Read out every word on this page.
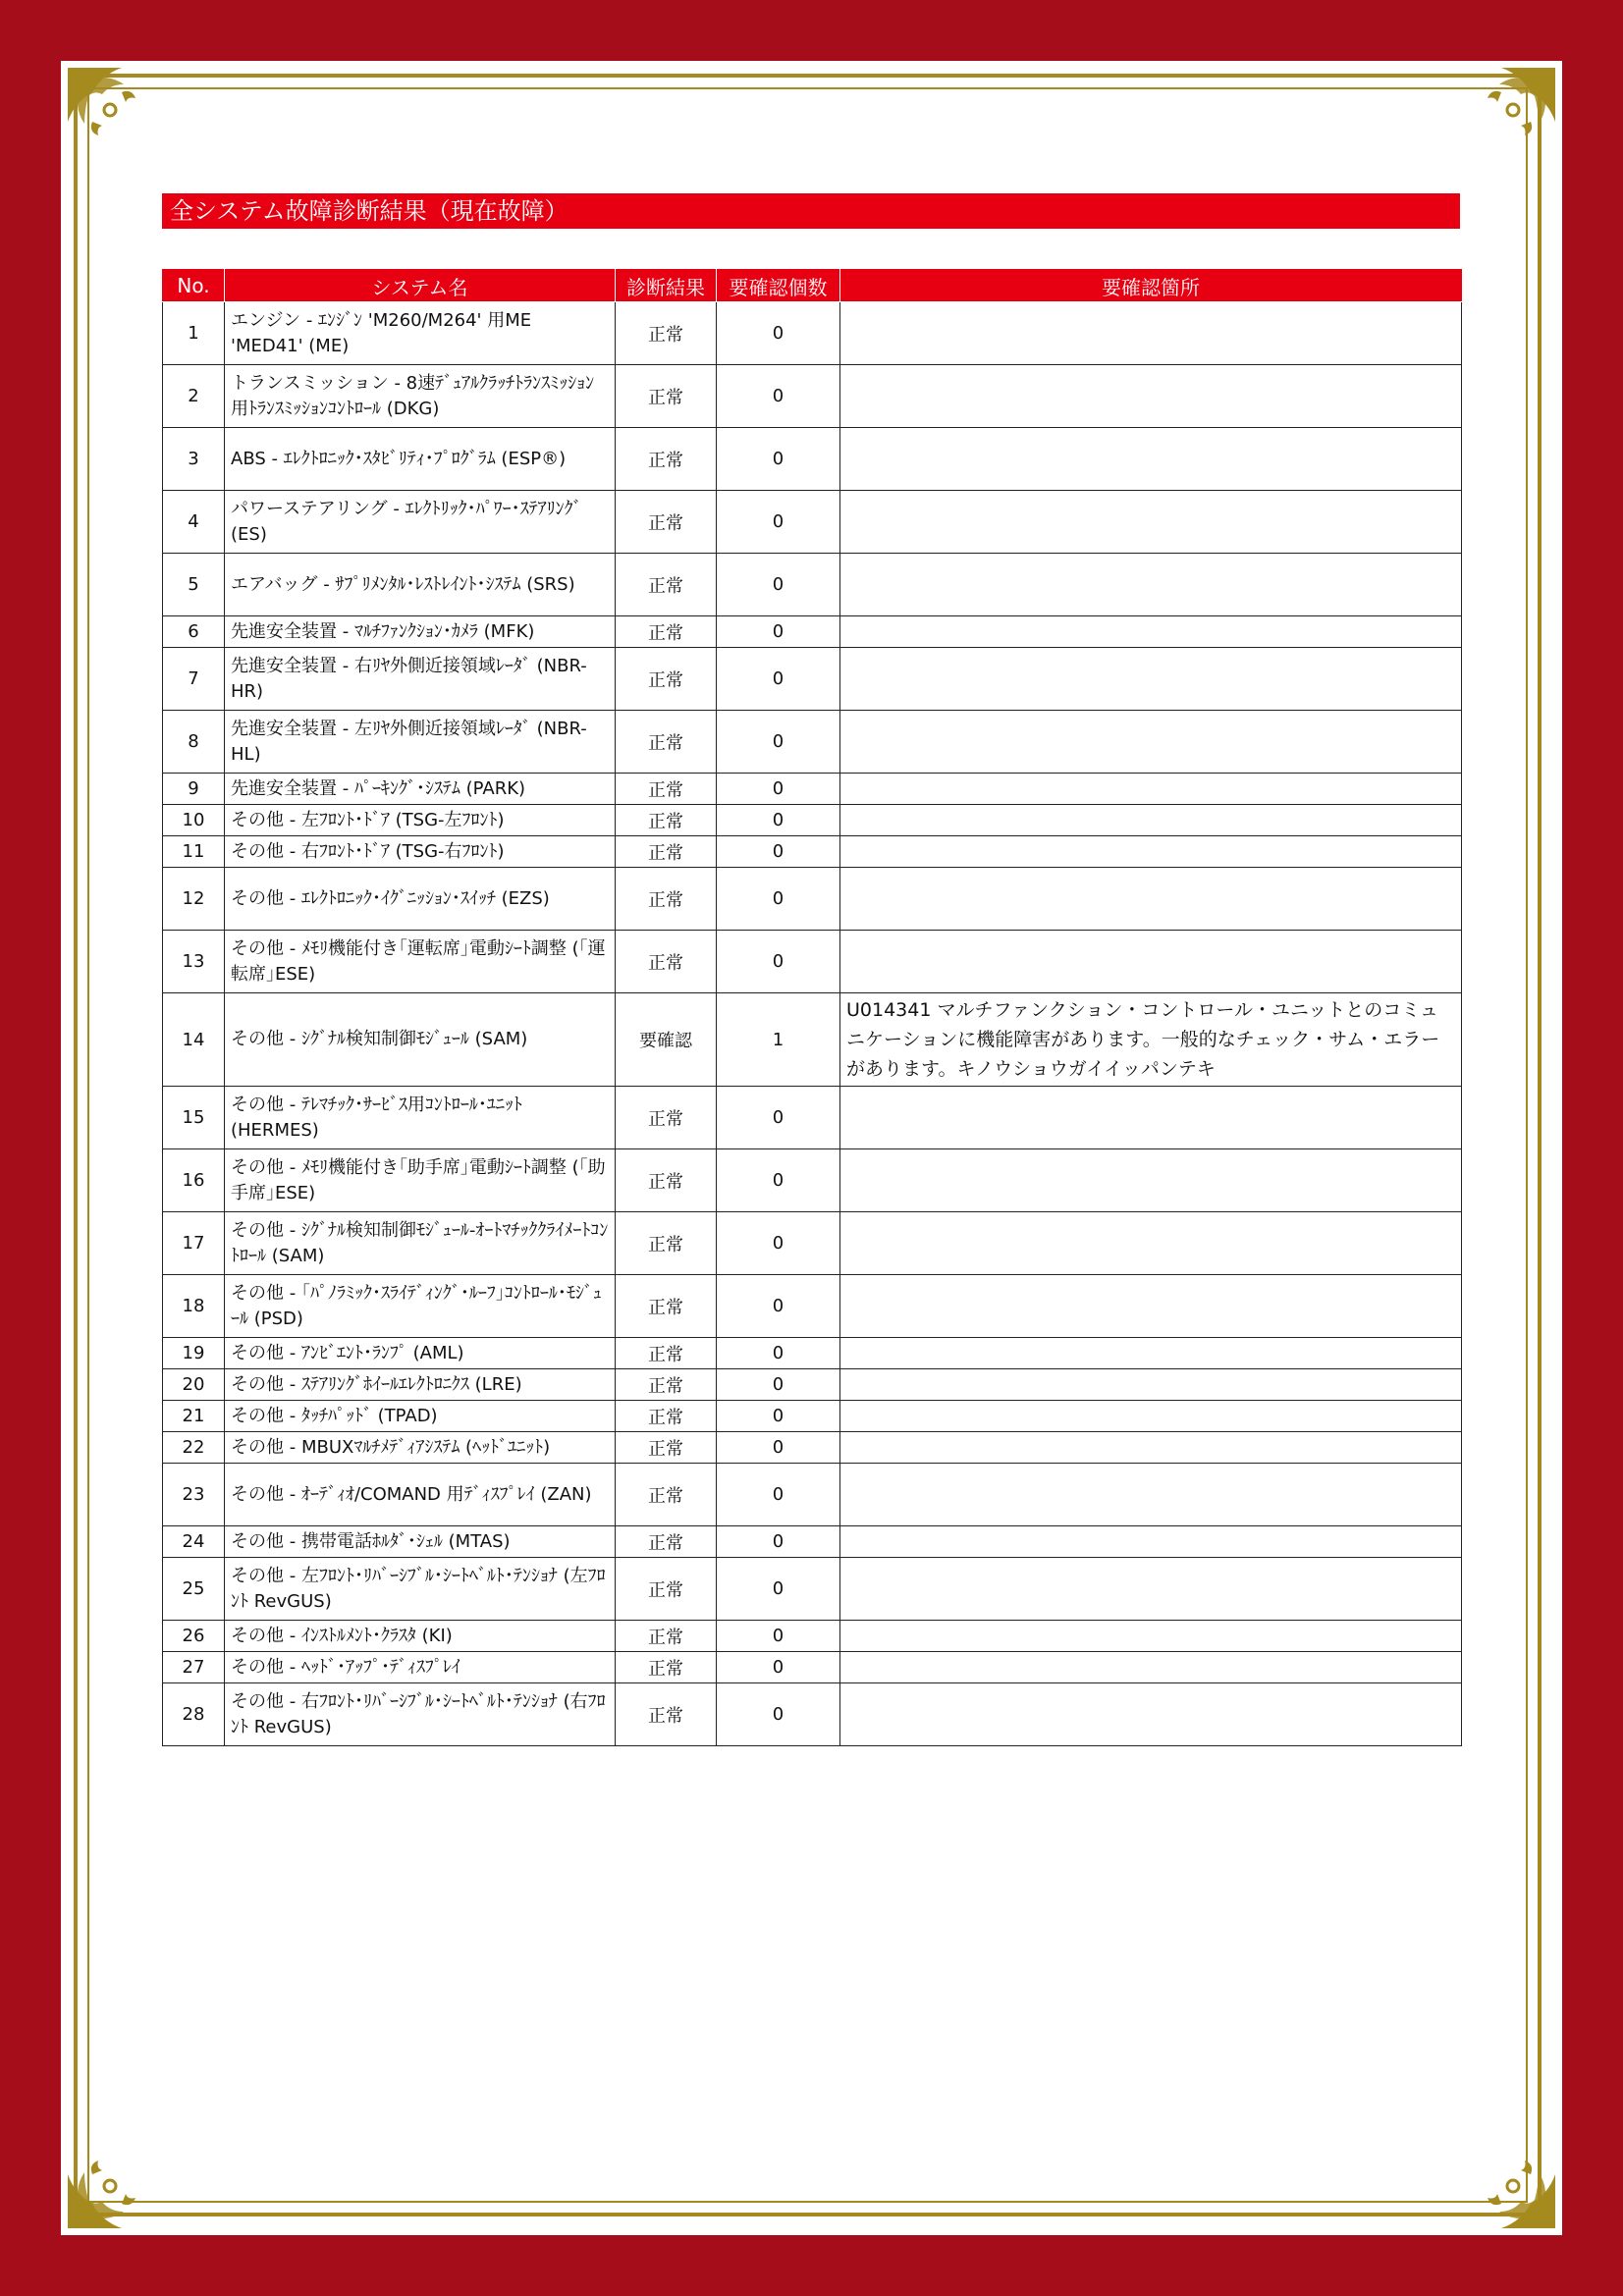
全システム故障診断結果（現在故障）
No.	システム名	診断結果	要確認個数	要確認箇所
1	エンジン - ｴﾝｼﾞﾝ 'M260/M264' 用ME 'MED41' (ME)	正常	0	
2	トランスミッション - 8速ﾃﾞｭｱﾙｸﾗｯﾁﾄﾗﾝｽﾐｯｼｮﾝ用ﾄﾗﾝｽﾐｯｼｮﾝｺﾝﾄﾛｰﾙ (DKG)	正常	0	
3	ABS - ｴﾚｸﾄﾛﾆｯｸ･ｽﾀﾋﾞﾘﾃｨ･ﾌﾟﾛｸﾞﾗﾑ (ESP®)	正常	0	
4	パワーステアリング - ｴﾚｸﾄﾘｯｸ･ﾊﾟﾜｰ･ｽﾃｱﾘﾝｸﾞ (ES)	正常	0	
5	エアバッグ - ｻﾌﾟﾘﾒﾝﾀﾙ･ﾚｽﾄﾚｲﾝﾄ･ｼｽﾃﾑ (SRS)	正常	0	
6	先進安全装置 - ﾏﾙﾁﾌｧﾝｸｼｮﾝ･ｶﾒﾗ (MFK)	正常	0	
7	先進安全装置 - 右ﾘﾔ外側近接領域ﾚｰﾀﾞ (NBR-HR)	正常	0	
8	先進安全装置 - 左ﾘﾔ外側近接領域ﾚｰﾀﾞ (NBR-HL)	正常	0	
9	先進安全装置 - ﾊﾟｰｷﾝｸﾞ･ｼｽﾃﾑ (PARK)	正常	0	
10	その他 - 左ﾌﾛﾝﾄ･ﾄﾞｱ (TSG-左ﾌﾛﾝﾄ)	正常	0	
11	その他 - 右ﾌﾛﾝﾄ･ﾄﾞｱ (TSG-右ﾌﾛﾝﾄ)	正常	0	
12	その他 - ｴﾚｸﾄﾛﾆｯｸ･ｲｸﾞﾆｯｼｮﾝ･ｽｲｯﾁ (EZS)	正常	0	
13	その他 - ﾒﾓﾘ機能付き｢運転席｣電動ｼｰﾄ調整 (｢運転席｣ESE)	正常	0	
14	その他 - ｼｸﾞﾅﾙ検知制御ﾓｼﾞｭｰﾙ (SAM)	要確認	1	U014341 マルチファンクション・コントロール・ユニットとのコミュニケーションに機能障害があります。一般的なチェック・サム・エラーがあります。キノウショウガイイッパンテキ
15	その他 - ﾃﾚﾏﾁｯｸ･ｻｰﾋﾞｽ用ｺﾝﾄﾛｰﾙ･ﾕﾆｯﾄ (HERMES)	正常	0	
16	その他 - ﾒﾓﾘ機能付き｢助手席｣電動ｼｰﾄ調整 (｢助手席｣ESE)	正常	0	
17	その他 - ｼｸﾞﾅﾙ検知制御ﾓｼﾞｭｰﾙ-ｵｰﾄﾏﾁｯｸｸﾗｲﾒｰﾄｺﾝﾄﾛｰﾙ (SAM)	正常	0	
18	その他 - ｢ﾊﾟﾉﾗﾐｯｸ･ｽﾗｲﾃﾞｨﾝｸﾞ･ﾙｰﾌ｣ｺﾝﾄﾛｰﾙ･ﾓｼﾞｭｰﾙ (PSD)	正常	0	
19	その他 - ｱﾝﾋﾞｴﾝﾄ･ﾗﾝﾌﾟ (AML)	正常	0	
20	その他 - ｽﾃｱﾘﾝｸﾞﾎｲｰﾙｴﾚｸﾄﾛﾆｸｽ (LRE)	正常	0	
21	その他 - ﾀｯﾁﾊﾟｯﾄﾞ (TPAD)	正常	0	
22	その他 - MBUXﾏﾙﾁﾒﾃﾞｨｱｼｽﾃﾑ (ﾍｯﾄﾞﾕﾆｯﾄ)	正常	0	
23	その他 - ｵｰﾃﾞｨｵ/COMAND 用ﾃﾞｨｽﾌﾟﾚｲ (ZAN)	正常	0	
24	その他 - 携帯電話ﾎﾙﾀﾞ･ｼｪﾙ (MTAS)	正常	0	
25	その他 - 左ﾌﾛﾝﾄ･ﾘﾊﾞｰｼﾌﾞﾙ･ｼｰﾄﾍﾞﾙﾄ･ﾃﾝｼｮﾅ (左ﾌﾛﾝﾄ RevGUS)	正常	0	
26	その他 - ｲﾝｽﾄﾙﾒﾝﾄ･ｸﾗｽﾀ (KI)	正常	0	
27	その他 - ﾍｯﾄﾞ･ｱｯﾌﾟ･ﾃﾞｨｽﾌﾟﾚｲ	正常	0	
28	その他 - 右ﾌﾛﾝﾄ･ﾘﾊﾞｰｼﾌﾞﾙ･ｼｰﾄﾍﾞﾙﾄ･ﾃﾝｼｮﾅ (右ﾌﾛﾝﾄ RevGUS)	正常	0	
